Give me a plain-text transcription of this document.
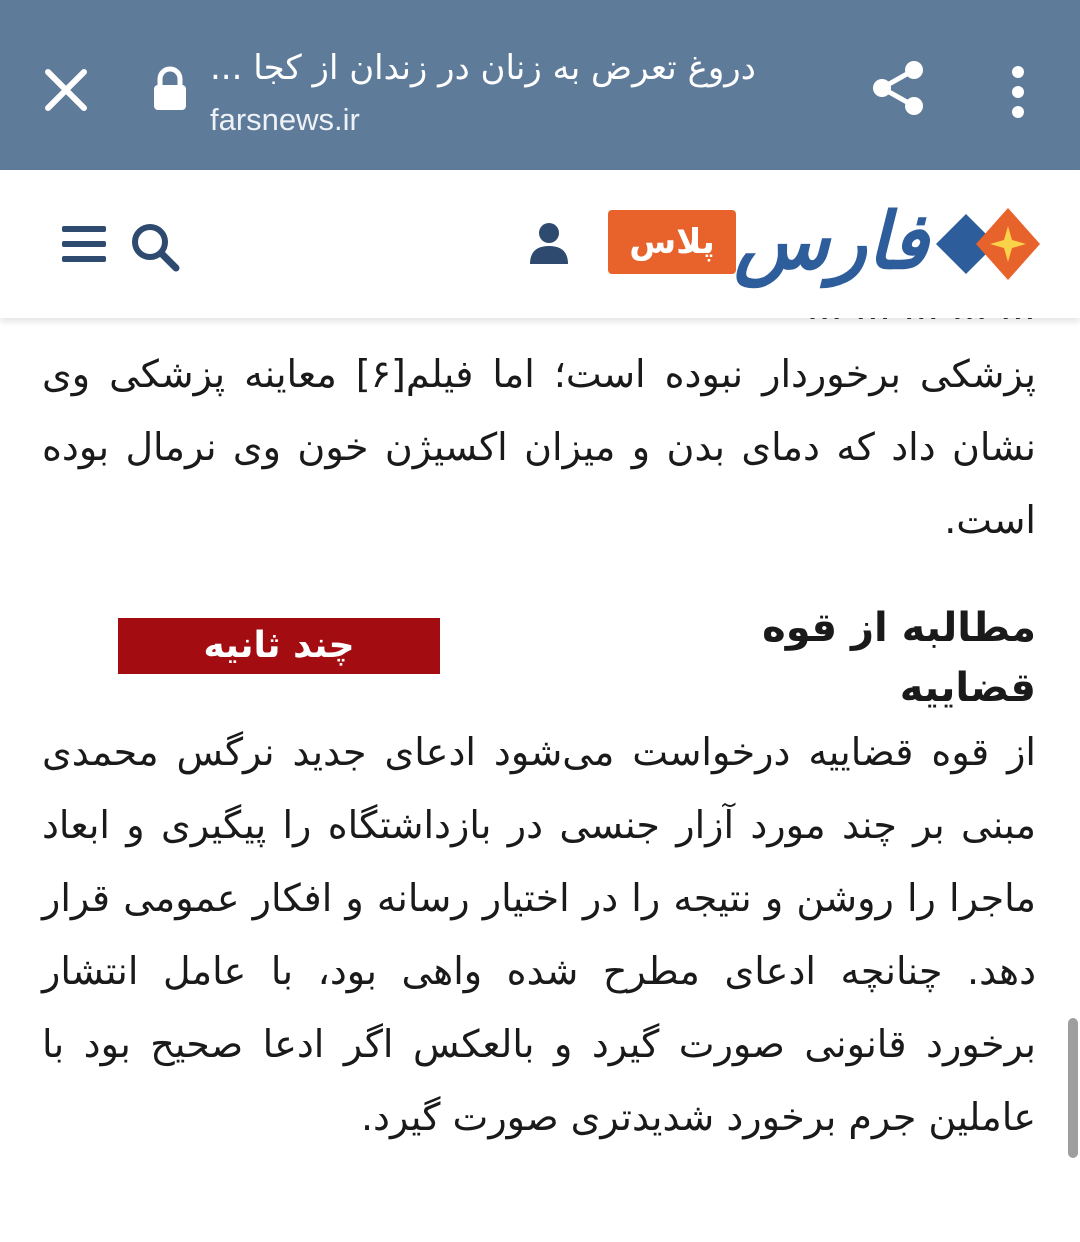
دروغ تعرض به زنان در زندان از کجا ...
farsnews.ir
پلاس فارس
پزشکی برخوردار نبوده است؛ اما فیلم[۶] معاینه پزشکی وی نشان داد که دمای بدن و میزان اکسیژن خون وی نرمال بوده است.
مطالبه از قوه قضاییه
چند ثانیه
از قوه قضاییه درخواست می‌شود ادعای جدید نرگس محمدی مبنی بر چند مورد آزار جنسی در بازداشتگاه را پیگیری و ابعاد ماجرا را روشن و نتیجه را در اختیار رسانه و افکار عمومی قرار دهد. چنانچه ادعای مطرح شده واهی بود، با عامل انتشار برخورد قانونی صورت گیرد و بالعکس اگر ادعا صحیح بود با عاملین جرم برخورد شدیدتری صورت گیرد.
